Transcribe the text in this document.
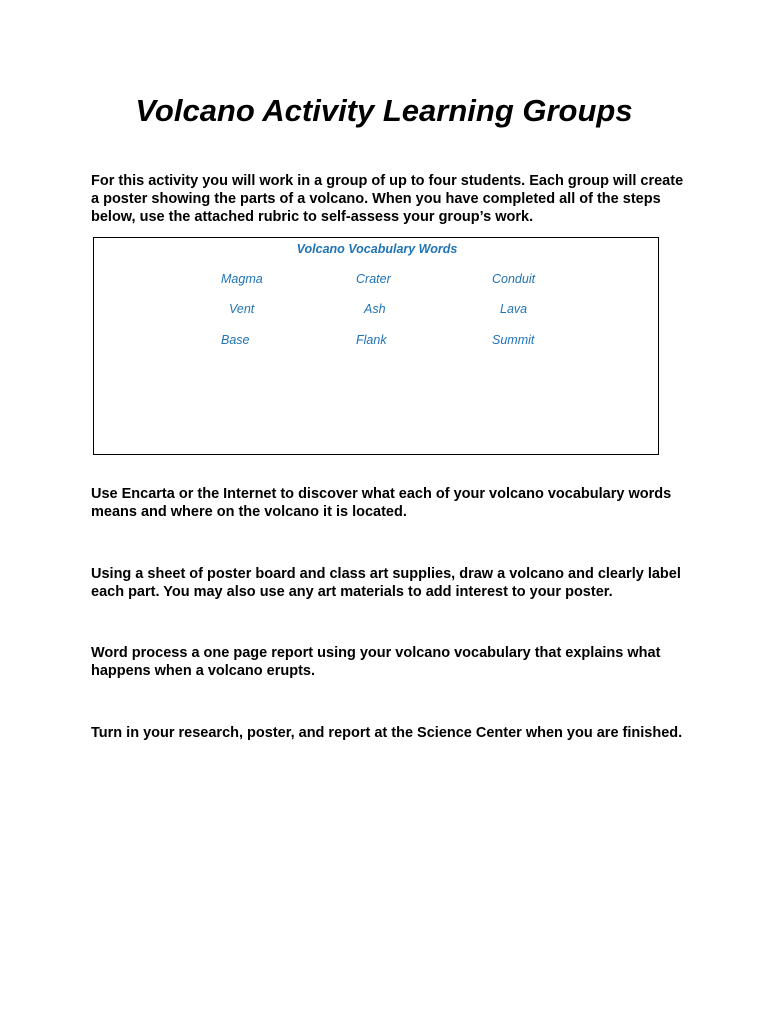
Volcano Activity Learning Groups

For this activity you will work in a group of up to four students. Each group will create a poster showing the parts of a volcano. When you have completed all of the steps below, use the attached rubric to self-assess your group’s work.

Volcano Vocabulary Words

Magma	Crater	Conduit

Vent	Ash	Lava

Base	Flank	Summit

Use Encarta or the Internet to discover what each of your volcano vocabulary words means and where on the volcano it is located.

Using a sheet of poster board and class art supplies, draw a volcano and clearly label each part. You may also use any art materials to add interest to your poster.

Word process a one page report using your volcano vocabulary that explains what happens when a volcano erupts.

Turn in your research, poster, and report at the Science Center when you are finished.
